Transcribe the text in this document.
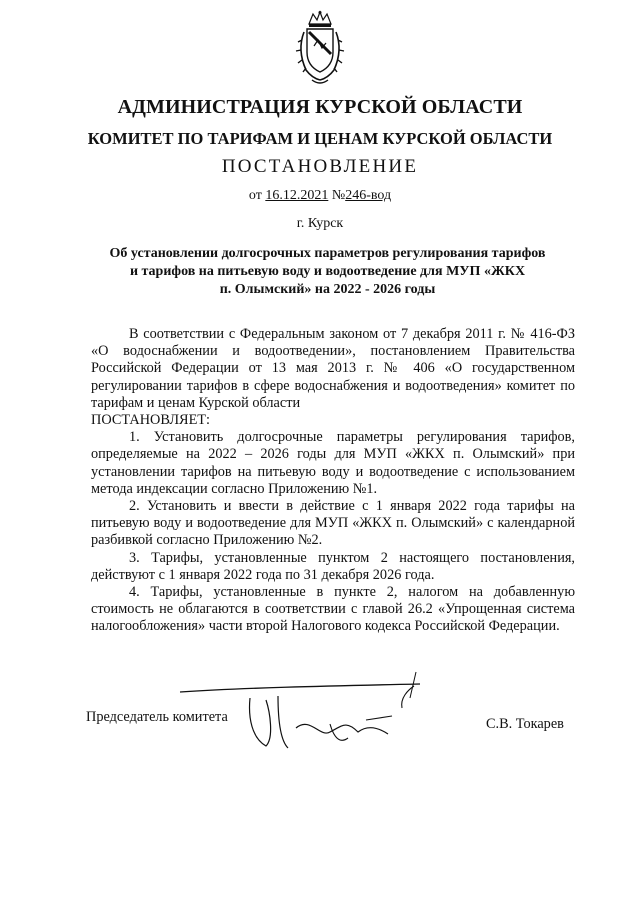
АДМИНИСТРАЦИЯ КУРСКОЙ ОБЛАСТИ
КОМИТЕТ ПО ТАРИФАМ И ЦЕНАМ КУРСКОЙ ОБЛАСТИ
ПОСТАНОВЛЕНИЕ
от 16.12.2021 №246-вод
г. Курск
Об установлении долгосрочных параметров регулирования тарифов
и тарифов на питьевую воду и водоотведение для МУП «ЖКХ
п. Олымский» на 2022 - 2026 годы

В соответствии с Федеральным законом от 7 декабря 2011 г. № 416-ФЗ «О водоснабжении и водоотведении», постановлением Правительства Российской Федерации от 13 мая 2013 г. № 406 «О государственном регулировании тарифов в сфере водоснабжения и водоотведения» комитет по тарифам и ценам Курской области

ПОСТАНОВЛЯЕТ:

1. Установить долгосрочные параметры регулирования тарифов, определяемые на 2022 – 2026 годы для МУП «ЖКХ п. Олымский» при установлении тарифов на питьевую воду и водоотведение с использованием метода индексации согласно Приложению №1.

2. Установить и ввести в действие с 1 января 2022 года тарифы на питьевую воду и водоотведение для МУП «ЖКХ п. Олымский» с календарной разбивкой согласно Приложению №2.

3. Тарифы, установленные пунктом 2 настоящего постановления, действуют с 1 января 2022 года по 31 декабря 2026 года.

4. Тарифы, установленные в пункте 2, налогом на добавленную стоимость не облагаются в соответствии с главой 26.2 «Упрощенная система налогообложения» части второй Налогового кодекса Российской Федерации.

Председатель комитета	С.В. Токарев
